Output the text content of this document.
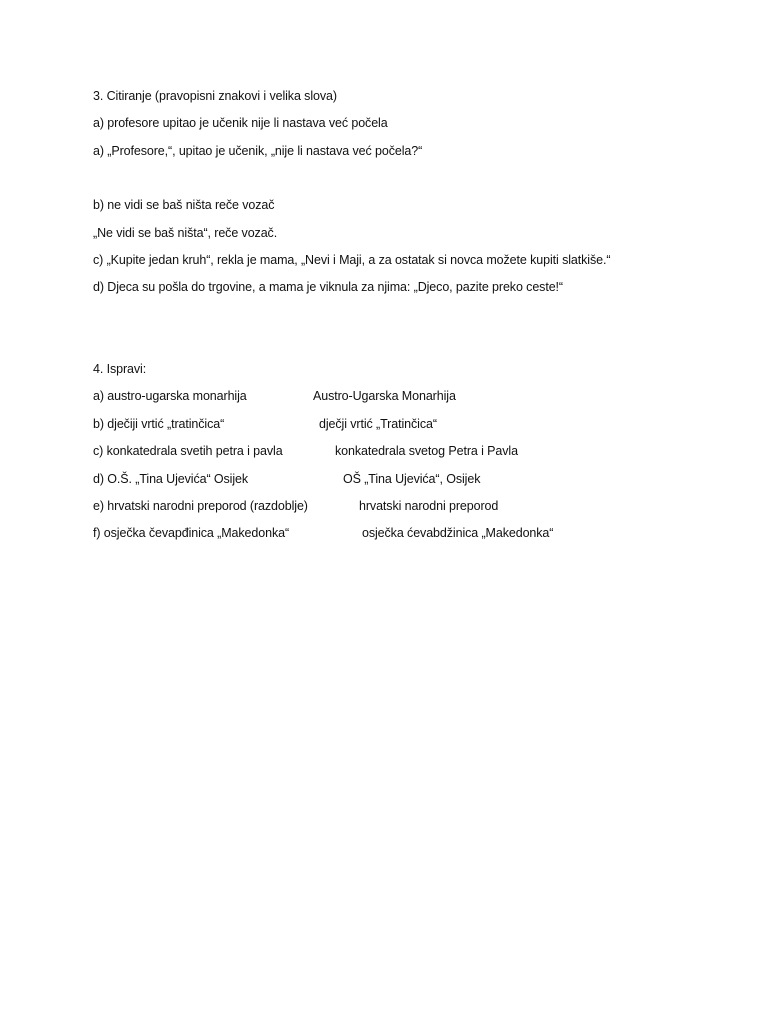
3. Citiranje (pravopisni znakovi i velika slova)
a) profesore upitao je učenik nije li nastava već počela
a) „Profesore,“, upitao je učenik, „nije li nastava već počela?“
b) ne vidi se baš ništa reče vozač
„Ne vidi se baš ništa“, reče vozač.
c) „Kupite jedan kruh“, rekla je mama, „Nevi i Maji, a za ostatak si novca možete kupiti slatkiše.“
d) Djeca su pošla do trgovine, a mama je viknula za njima: „Djeco, pazite preko ceste!“
4. Ispravi:
a) austro-ugarska monarhija	Austro-Ugarska Monarhija
b) dječiji vrtić „tratinčica“	dječji vrtić „Tratinčica“
c) konkatedrala svetih petra i pavla	konkatedrala svetog Petra i Pavla
d) O.Š. „Tina Ujevića“ Osijek	OŠ „Tina Ujevića“, Osijek
e) hrvatski narodni preporod (razdoblje)	hrvatski narodni preporod
f) osječka čevapđinica „Makedonka“	osječka ćevabdžinica „Makedonka“
